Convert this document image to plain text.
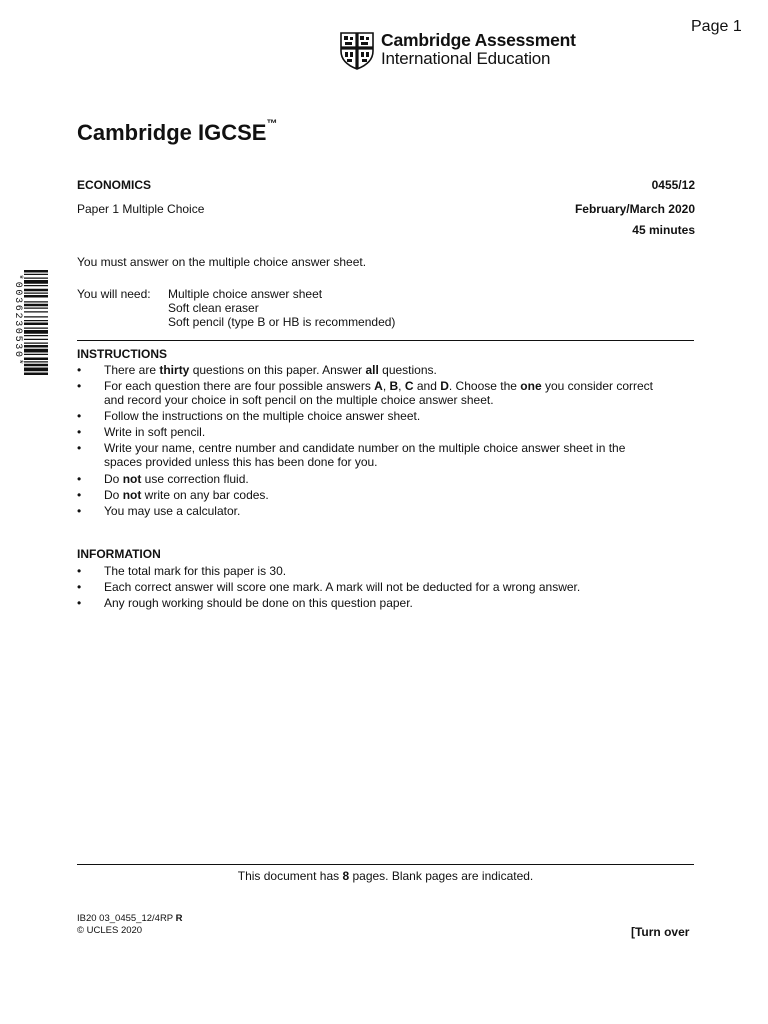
Page 1
Cambridge Assessment
International Education
Cambridge IGCSE™
ECONOMICS	0455/12
Paper 1 Multiple Choice	February/March 2020
45 minutes
You must answer on the multiple choice answer sheet.
You will need: Multiple choice answer sheet
Soft clean eraser
Soft pencil (type B or HB is recommended)
INSTRUCTIONS
• There are thirty questions on this paper. Answer all questions.
• For each question there are four possible answers A, B, C and D. Choose the one you consider correct
and record your choice in soft pencil on the multiple choice answer sheet.
• Follow the instructions on the multiple choice answer sheet.
• Write in soft pencil.
• Write your name, centre number and candidate number on the multiple choice answer sheet in the
spaces provided unless this has been done for you.
• Do not use correction fluid.
• Do not write on any bar codes.
• You may use a calculator.
INFORMATION
• The total mark for this paper is 30.
• Each correct answer will score one mark. A mark will not be deducted for a wrong answer.
• Any rough working should be done on this question paper.
*0036230530*
This document has 8 pages. Blank pages are indicated.
IB20 03_0455_12/4RP R
© UCLES 2020	[Turn over
